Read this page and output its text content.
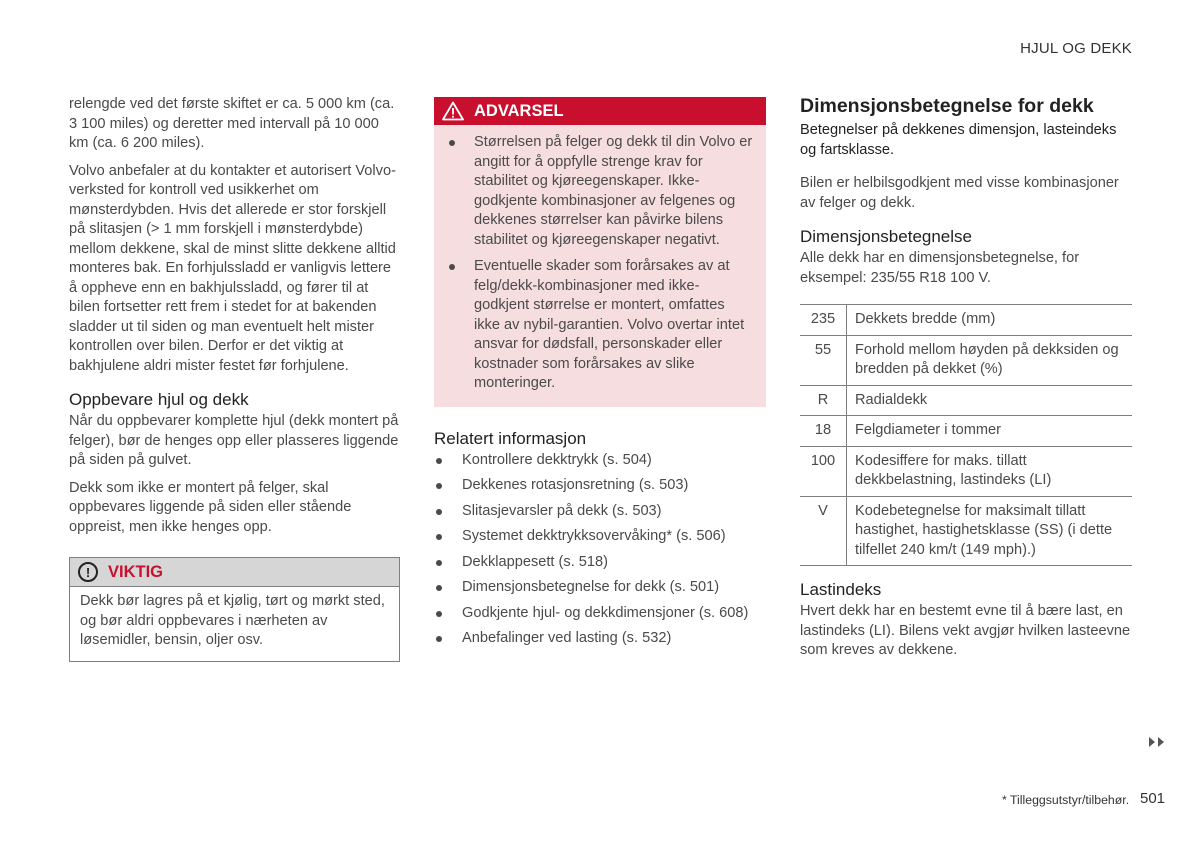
HJUL OG DEKK

relengde ved det første skiftet er ca. 5 000 km (ca. 3 100 miles) og deretter med intervall på 10 000 km (ca. 6 200 miles).

Volvo anbefaler at du kontakter et autorisert Volvo-verksted for kontroll ved usikkerhet om mønsterdybden. Hvis det allerede er stor forskjell på slitasjen (> 1 mm forskjell i mønsterdybde) mellom dekkene, skal de minst slitte dekkene alltid monteres bak. En forhjulssladd er vanligvis lettere å oppheve enn en bakhjulssladd, og fører til at bilen fortsetter rett frem i stedet for at bakenden sladder ut til siden og man eventuelt helt mister kontrollen over bilen. Derfor er det viktig at bakhjulene aldri mister festet før forhjulene.

Oppbevare hjul og dekk

Når du oppbevarer komplette hjul (dekk montert på felger), bør de henges opp eller plasseres liggende på siden på gulvet.

Dekk som ikke er montert på felger, skal oppbevares liggende på siden eller stående oppreist, men ikke henges opp.

!	VIKTIG

Dekk bør lagres på et kjølig, tørt og mørkt sted, og bør aldri oppbevares i nærheten av løsemidler, bensin, oljer osv.

ADVARSEL
Størrelsen på felger og dekk til din Volvo er angitt for å oppfylle strenge krav for stabilitet og kjøreegenskaper. Ikke-godkjente kombinasjoner av felgenes og dekkenes størrelser kan påvirke bilens stabilitet og kjøreegenskaper negativt.
Eventuelle skader som forårsakes av at felg/dekk-kombinasjoner med ikke-godkjent størrelse er montert, omfattes ikke av nybil-garantien. Volvo overtar intet ansvar for dødsfall, personskader eller kostnader som forårsakes av slike monteringer.
Relatert informasjon
Kontrollere dekktrykk (s. 504)
Dekkenes rotasjonsretning (s. 503)
Slitasjevarsler på dekk (s. 503)
Systemet dekktrykksovervåking* (s. 506)
Dekklappesett (s. 518)
Dimensjonsbetegnelse for dekk (s. 501)
Godkjente hjul- og dekkdimensjoner (s. 608)
Anbefalinger ved lasting (s. 532)
Dimensjonsbetegnelse for dekk

Betegnelser på dekkenes dimensjon, lasteindeks og fartsklasse.

Bilen er helbilsgodkjent med visse kombinasjoner av felger og dekk.

Dimensjonsbetegnelse

Alle dekk har en dimensjonsbetegnelse, for eksempel: 235/55 R18 100 V.

235	Dekkets bredde (mm)
55	Forhold mellom høyden på dekksiden og bredden på dekket (%)
R	Radialdekk
18	Felgdiameter i tommer
100	Kodesiffere for maks. tillatt dekkbelastning, lastindeks (LI)
V	Kodebetegnelse for maksimalt tillatt hastighet, hastighetsklasse (SS) (i dette tilfellet 240 km/t (149 mph).)
Lastindeks

Hvert dekk har en bestemt evne til å bære last, en lastindeks (LI). Bilens vekt avgjør hvilken lasteevne som kreves av dekkene.

* Tilleggsutstyr/tilbehør. 501
